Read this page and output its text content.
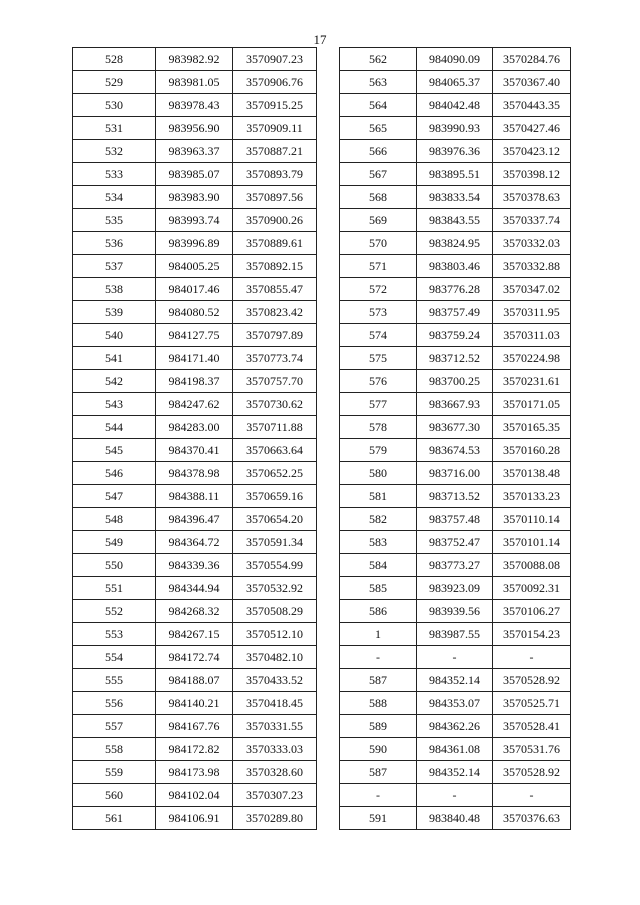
17
528	983982.92	3570907.23
529	983981.05	3570906.76
530	983978.43	3570915.25
531	983956.90	3570909.11
532	983963.37	3570887.21
533	983985.07	3570893.79
534	983983.90	3570897.56
535	983993.74	3570900.26
536	983996.89	3570889.61
537	984005.25	3570892.15
538	984017.46	3570855.47
539	984080.52	3570823.42
540	984127.75	3570797.89
541	984171.40	3570773.74
542	984198.37	3570757.70
543	984247.62	3570730.62
544	984283.00	3570711.88
545	984370.41	3570663.64
546	984378.98	3570652.25
547	984388.11	3570659.16
548	984396.47	3570654.20
549	984364.72	3570591.34
550	984339.36	3570554.99
551	984344.94	3570532.92
552	984268.32	3570508.29
553	984267.15	3570512.10
554	984172.74	3570482.10
555	984188.07	3570433.52
556	984140.21	3570418.45
557	984167.76	3570331.55
558	984172.82	3570333.03
559	984173.98	3570328.60
560	984102.04	3570307.23
561	984106.91	3570289.80
562	984090.09	3570284.76
563	984065.37	3570367.40
564	984042.48	3570443.35
565	983990.93	3570427.46
566	983976.36	3570423.12
567	983895.51	3570398.12
568	983833.54	3570378.63
569	983843.55	3570337.74
570	983824.95	3570332.03
571	983803.46	3570332.88
572	983776.28	3570347.02
573	983757.49	3570311.95
574	983759.24	3570311.03
575	983712.52	3570224.98
576	983700.25	3570231.61
577	983667.93	3570171.05
578	983677.30	3570165.35
579	983674.53	3570160.28
580	983716.00	3570138.48
581	983713.52	3570133.23
582	983757.48	3570110.14
583	983752.47	3570101.14
584	983773.27	3570088.08
585	983923.09	3570092.31
586	983939.56	3570106.27
1	983987.55	3570154.23
-	-	-
587	984352.14	3570528.92
588	984353.07	3570525.71
589	984362.26	3570528.41
590	984361.08	3570531.76
587	984352.14	3570528.92
-	-	-
591	983840.48	3570376.63
